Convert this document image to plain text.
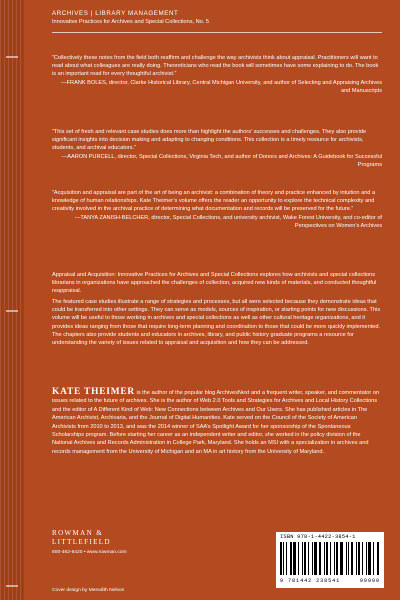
ARCHIVES | LIBRARY MANAGEMENT
Innovative Practices for Archives and Special Collections, No. 5

“Collectively these notes from the field both reaffirm and challenge the way archivists think about appraisal. Practitioners will want to read about what colleagues are really doing. Theoreticians who read the book will sometimes have some explaining to do. The book is an important read for every thoughtful archivist.”

—FRANK BOLES, director, Clarke Historical Library, Central Michigan University, and author of Selecting and Appraising Archives and Manuscripts

“This set of fresh and relevant case studies does more than highlight the authors’ successes and challenges. They also provide significant insights into decision making and adapting to changing conditions. This collection is a timely resource for archivists, students, and archival educators.”

—AARON PURCELL, director, Special Collections, Virginia Tech, and author of Donors and Archives: A Guidebook for Successful Programs

“Acquisition and appraisal are part of the art of being an archivist: a combination of theory and practice enhanced by intuition and a knowledge of human relationships. Kate Theimer’s volume offers the reader an opportunity to explore the technical complexity and creativity involved in the archival practice of determining what documentation and records will be preserved for the future.”

—TANYA ZANISH-BELCHER, director, Special Collections, and university archivist, Wake Forest University, and co-editor of Perspectives on Women’s Archives

Appraisal and Acquisition: Innovative Practices for Archives and Special Collections explores how archivists and special collections librarians in organizations have approached the challenges of collection, acquired new kinds of materials, and conducted thoughtful reappraisal.

The featured case studies illustrate a range of strategies and processes, but all were selected because they demonstrate ideas that could be transferred into other settings. They can serve as models, sources of inspiration, or starting points for new discussions. This volume will be useful to those working in archives and special collections as well as other cultural heritage organizations, and it provides ideas ranging from those that require long-term planning and coordination to those that could be more quickly implemented. The chapters also provide students and educators in archives, library, and public history graduate programs a resource for understanding the variety of issues related to appraisal and acquisition and how they can be addressed.
KATE THEIMER is the author of the popular blog ArchivesNext and a frequent writer, speaker, and commentator on issues related to the future of archives. She is the author of Web 2.0 Tools and Strategies for Archives and Local History Collections and the editor of A Different Kind of Web: New Connections between Archives and Our Users. She has published articles in The American Archivist, Archivaria, and the Journal of Digital Humanities. Kate served on the Council of the Society of American Archivists from 2010 to 2013, and was the 2014 winner of SAA’s Spotlight Award for her sponsorship of the Spontaneous Scholarships program. Before starting her career as an independent writer and editor, she worked in the policy division of the National Archives and Records Administration in College Park, Maryland. She holds an MSI with a specialization in archives and records management from the University of Michigan and an MA in art history from the University of Maryland.
ROWMAN &
LITTLEFIELD
800-462-6420 • www.rowman.com
Cover design by Meredith Nelson
ISBN 978-1-4422-3854-1
9 781442 238541	90000
